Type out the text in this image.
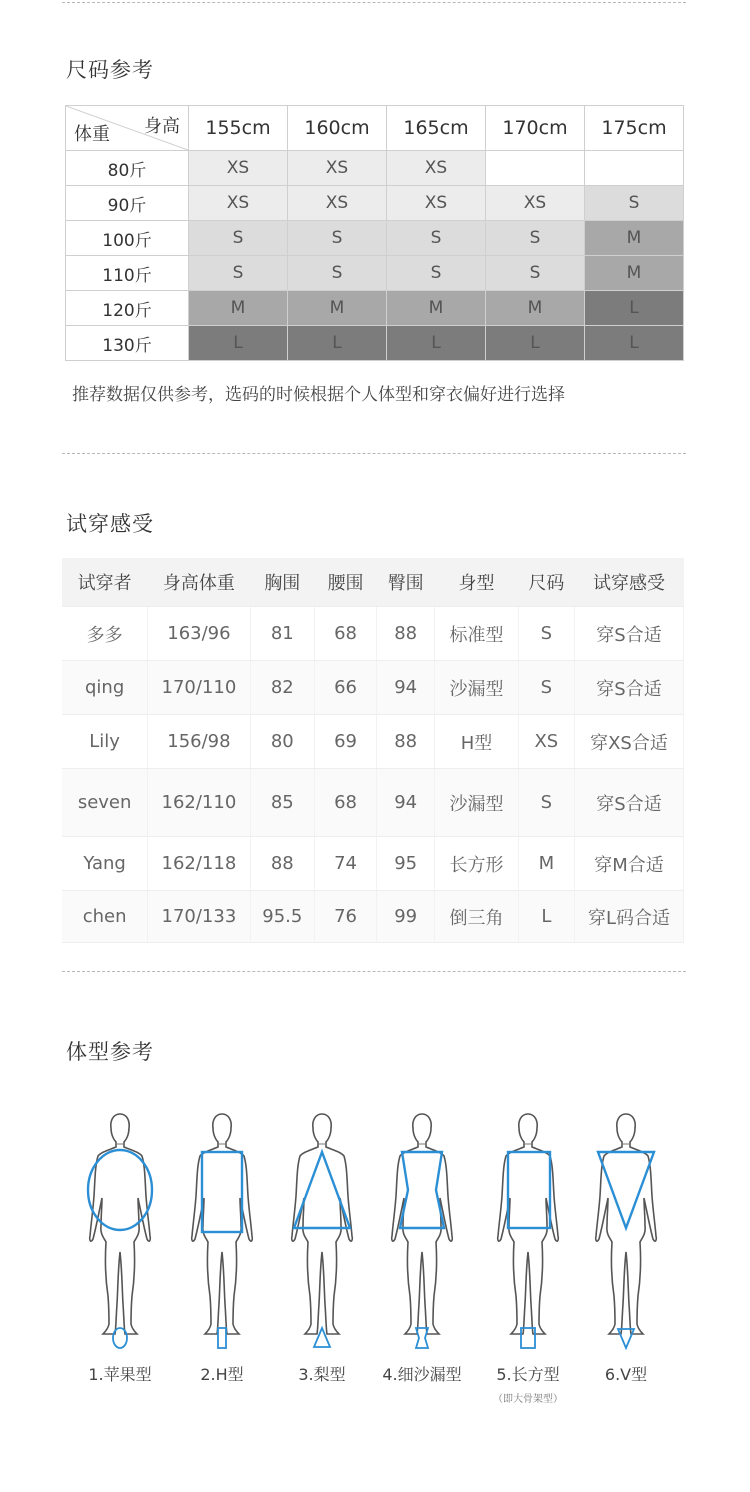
尺码参考
身高
体重	155cm	160cm	165cm	170cm	175cm
80斤	XS	XS	XS		
90斤	XS	XS	XS	XS	S
100斤	S	S	S	S	M
110斤	S	S	S	S	M
120斤	M	M	M	M	L
130斤	L	L	L	L	L
推荐数据仅供参考，选码的时候根据个人体型和穿衣偏好进行选择
试穿感受
试穿者	身高体重	胸围	腰围	臀围	身型	尺码	试穿感受
多多	163/96	81	68	88	标准型	S	穿S合适
qing	170/110	82	66	94	沙漏型	S	穿S合适
Lily	156/98	80	69	88	H型	XS	穿XS合适
seven	162/110	85	68	94	沙漏型	S	穿S合适
Yang	162/118	88	74	95	长方形	M	穿M合适
chen	170/133	95.5	76	99	倒三角	L	穿L码合适
体型参考
1.苹果型	2.H型	3.梨型	4.细沙漏型	5.长方型
（即大骨架型）
6.V型
